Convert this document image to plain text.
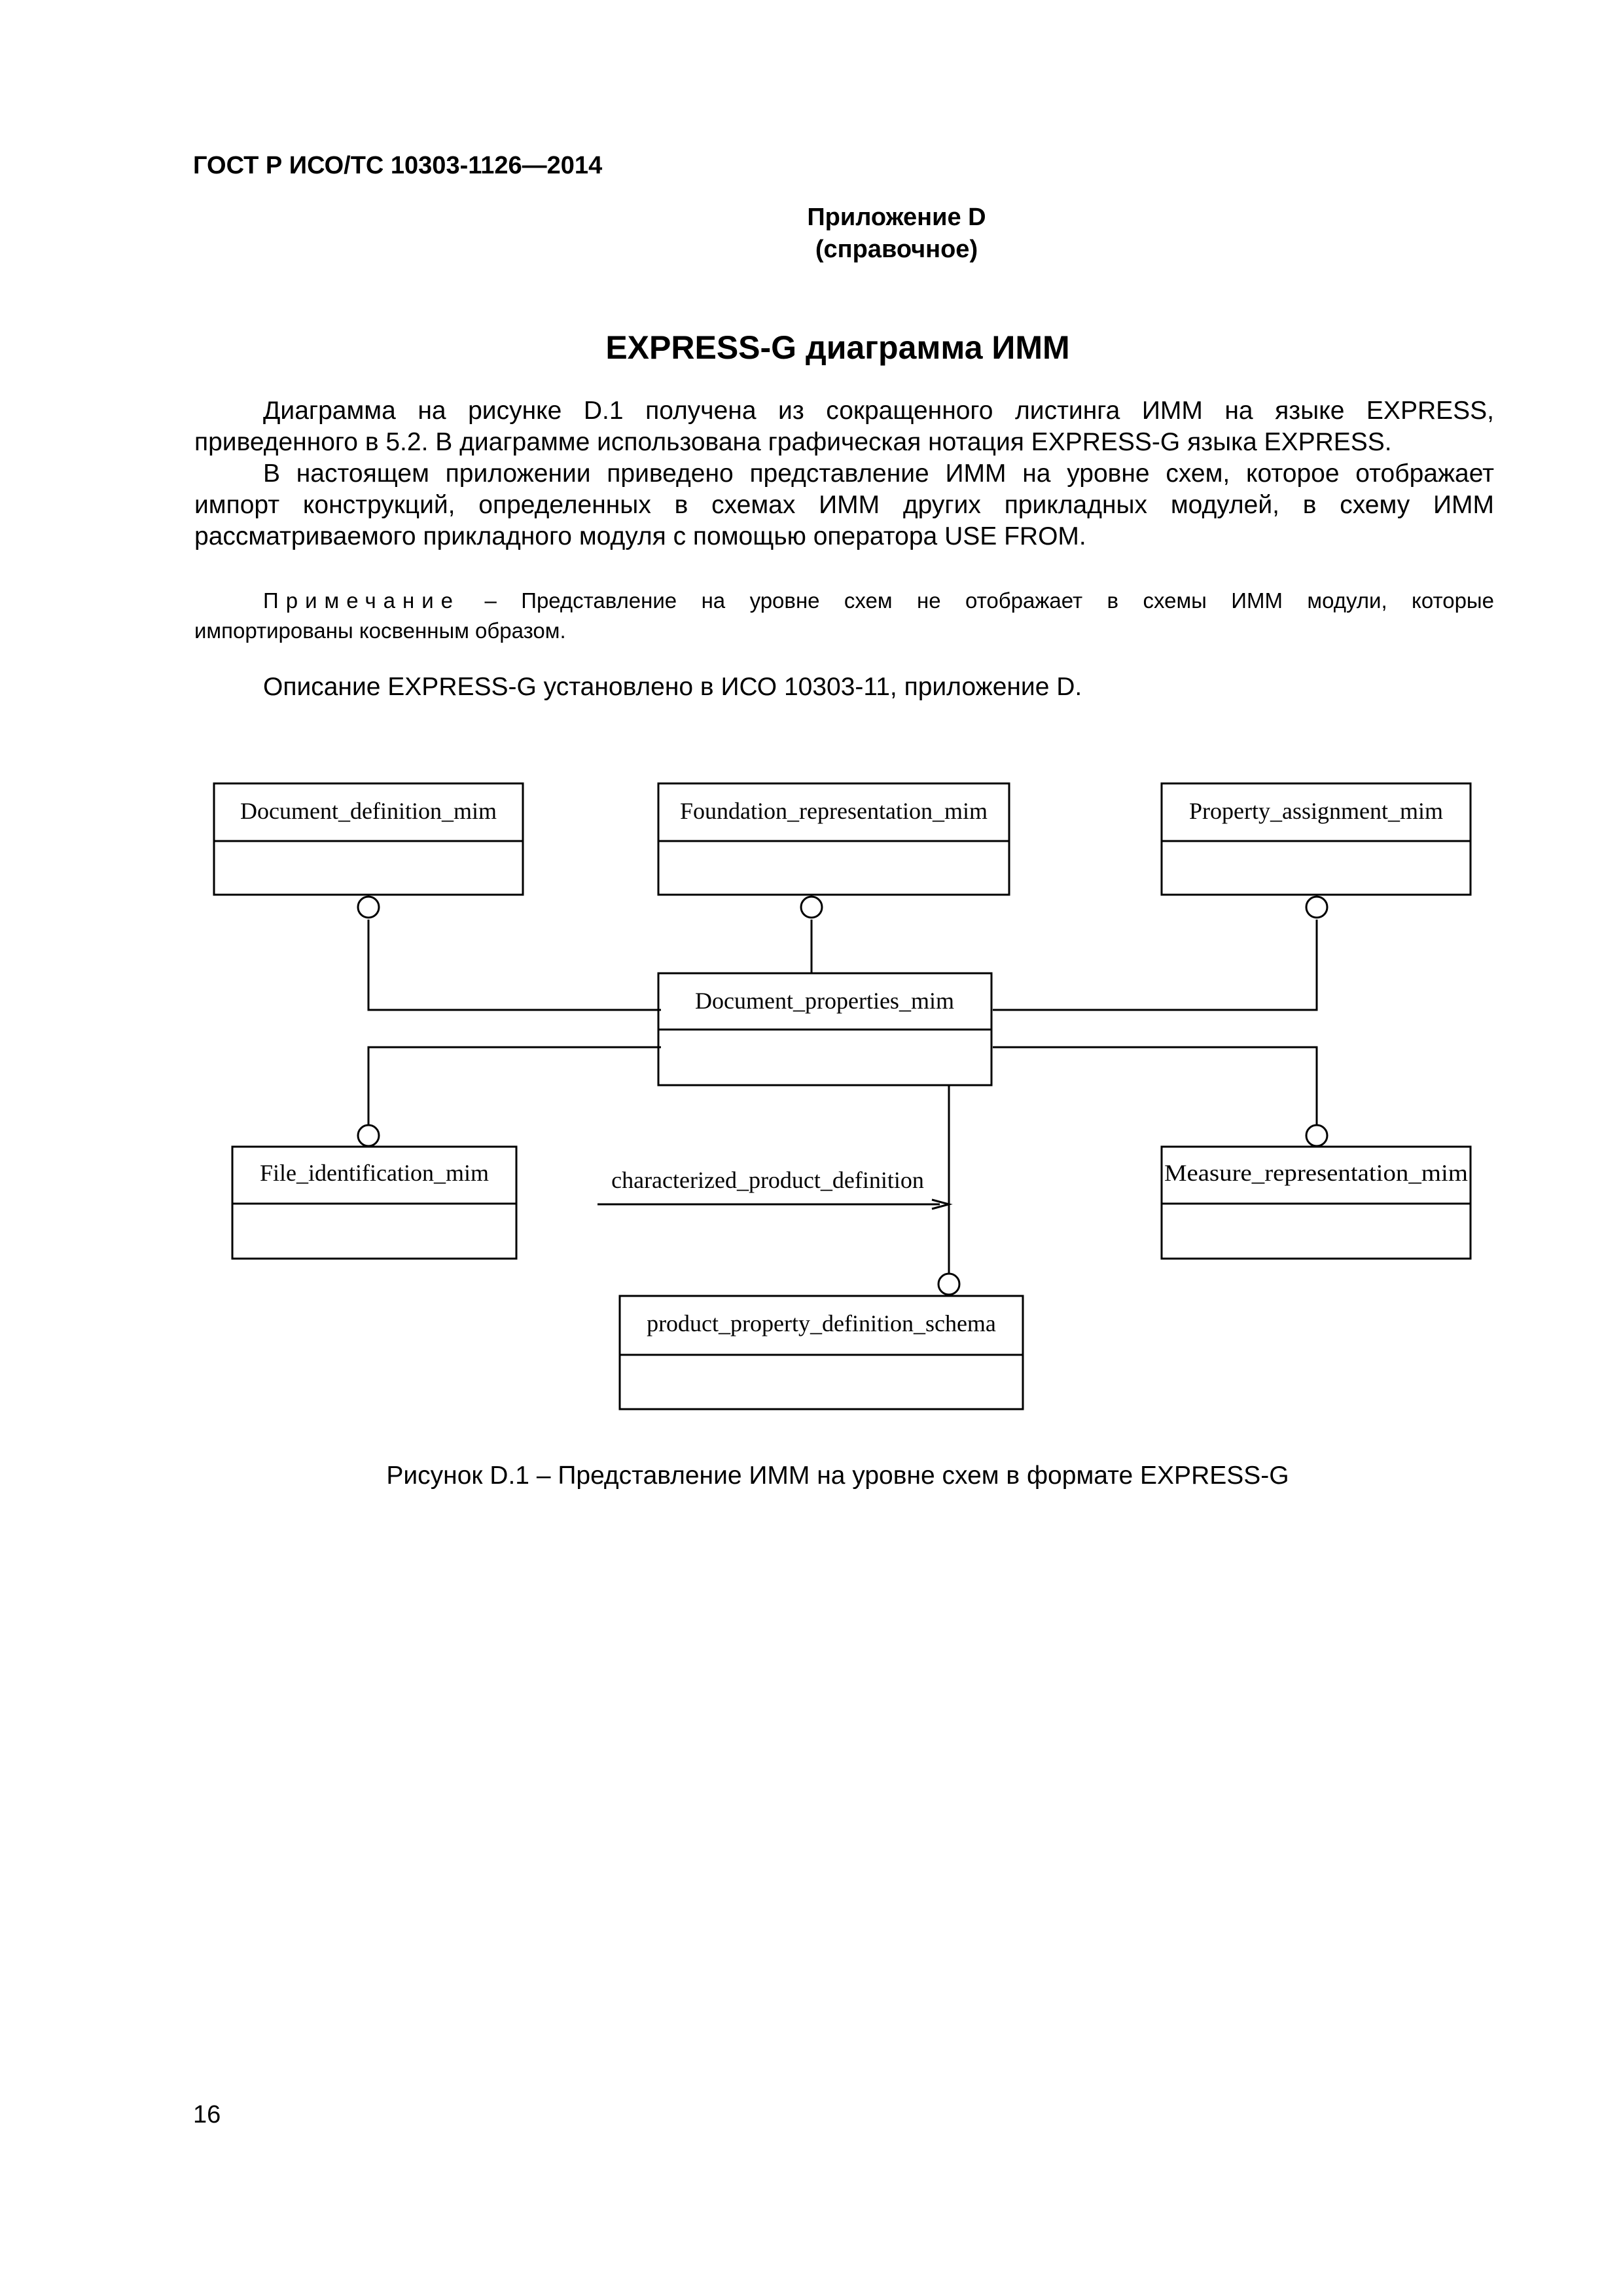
ГОСТ Р ИСО/ТС 10303-1126—2014
Приложение D
(справочное)
EXPRESS-G диаграмма ИММ
Диаграмма на рисунке D.1 получена из сокращенного листинга ИММ на языке EXPRESS,
приведенного в 5.2. В диаграмме использована графическая нотация EXPRESS-G языка EXPRESS.
В настоящем приложении приведено представление ИММ на уровне схем, которое отображает
импорт конструкций, определенных в схемах ИММ других прикладных модулей, в схему ИММ
рассматриваемого прикладного модуля с помощью оператора USE FROM.
Примечание – Представление на уровне схем не отображает в схемы ИММ модули, которые
импортированы косвенным образом.
Описание EXPRESS-G установлено в ИСО 10303-11, приложение D.
Document_definition_mim	Foundation_representation_mim	Property_assignment_mim
Document_properties_mim
File_identification_mim	Measure_representation_mim
product_property_definition_schema
characterized_product_definition
Рисунок D.1 – Представление ИММ на уровне схем в формате EXPRESS-G
16
